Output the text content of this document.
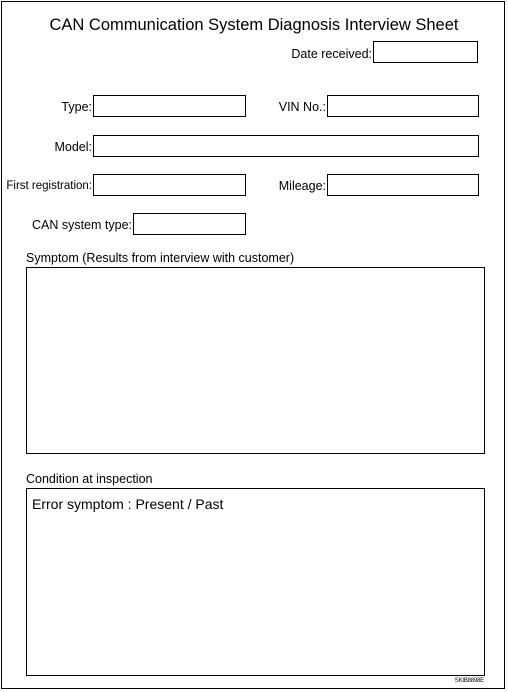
CAN Communication System Diagnosis Interview Sheet
Date received:
Type:	VIN No.:
Model:
First registration:	Mileage:
CAN system type:
Symptom (Results from interview with customer)
Condition at inspection
Error symptom : Present / Past
SKIB8898E
